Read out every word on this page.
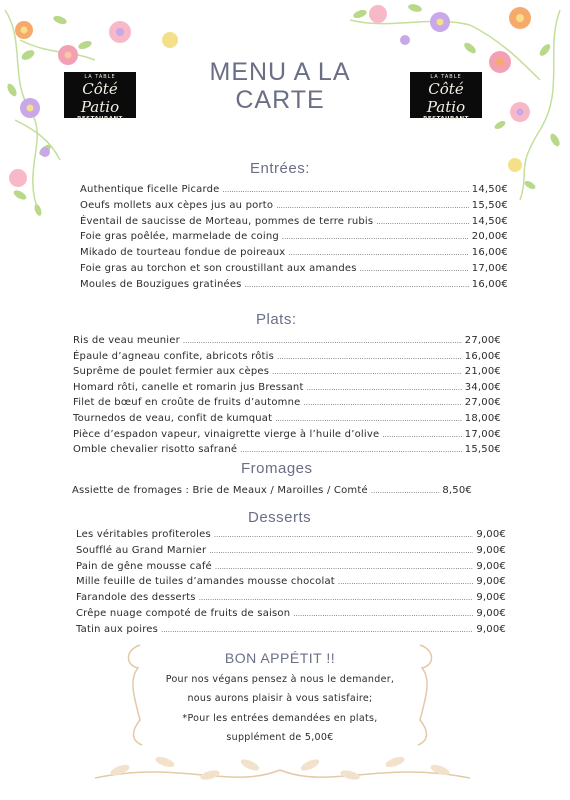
LA TABLE
Côté Patio
RESTAURANT
LA TABLE
Côté Patio
RESTAURANT
MENU A LA
CARTE
Entrées:
Authentique ficelle Picarde .....	14,50€
Oeufs mollets aux cèpes jus au porto .....	15,50€
Éventail de saucisse de Morteau, pommes de terre rubis .....	14,50€
Foie gras poêlée, marmelade de coing .....	20,00€
Mikado de tourteau fondue de poireaux .....	16,00€
Foie gras au torchon et son croustillant aux amandes .....	17,00€
Moules de Bouzigues gratinées .....	16,00€
Plats:
Ris de veau meunier .....	27,00€
Épaule d’agneau confite, abricots rôtis .....	16,00€
Suprême de poulet fermier aux cèpes .....	21,00€
Homard rôti, canelle et romarin jus Bressant .....	34,00€
Filet de bœuf en croûte de fruits d’automne .....	27,00€
Tournedos de veau, confit de kumquat .....	18,00€
Pièce d’espadon vapeur, vinaigrette vierge à l’huile d’olive .....	17,00€
Omble chevalier risotto safrané .....	15,50€
Fromages
Assiette de fromages : Brie de Meaux / Maroilles / Comté .....	8,50€
Desserts
Les véritables profiteroles .....	9,00€
Soufflé au Grand Marnier .....	9,00€
Pain de gêne mousse café .....	9,00€
Mille feuille de tuiles d’amandes mousse chocolat .....	9,00€
Farandole des desserts .....	9,00€
Crêpe nuage compoté de fruits de saison .....	9,00€
Tatin aux poires .....	9,00€
BON APPÉTIT !!
Pour nos végans pensez à nous le demander,
nous aurons plaisir à vous satisfaire;
*Pour les entrées demandées en plats,
supplément de 5,00€
